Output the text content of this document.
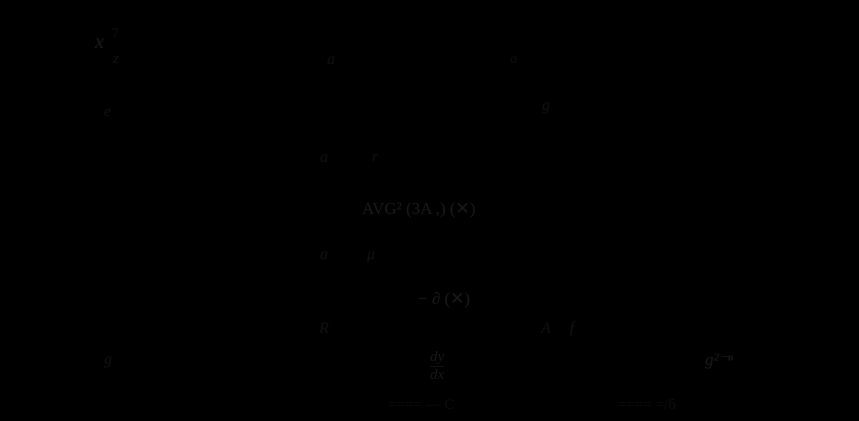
x 7
z
e
a	a
g
a	r
AVG² (3A ,) (✕)
a μ
− ∂ (✕)
R	A ƒ
g	g²⁻ⁿ
dy
dx
==== — С	==== =/б
